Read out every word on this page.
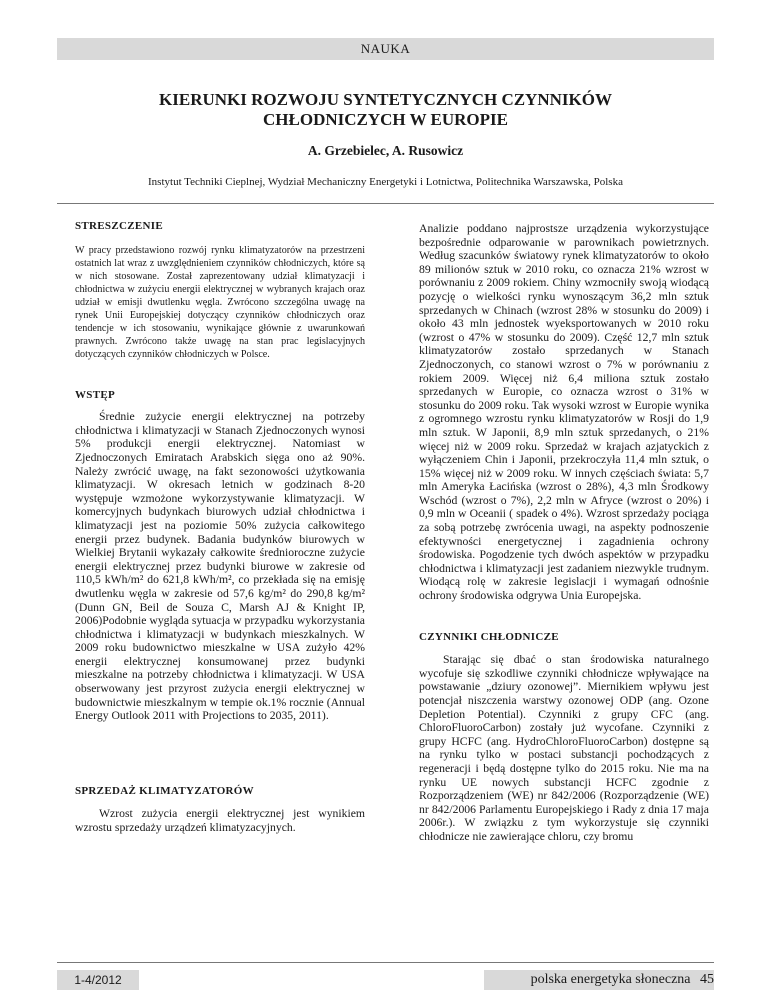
NAUKA
KIERUNKI ROZWOJU SYNTETYCZNYCH CZYNNIKÓW
CHŁODNICZYCH W EUROPIE
A. Grzebielec, A. Rusowicz
Instytut Techniki Cieplnej, Wydział Mechaniczny Energetyki i Lotnictwa, Politechnika Warszawska, Polska

STRESZCZENIE

W pracy przedstawiono rozwój rynku klimatyzatorów na przestrzeni ostatnich lat wraz z uwzględnieniem czynników chłodniczych, które są w nich stosowane. Został zaprezentowany udział klimatyzacji i chłodnictwa w zużyciu energii elektrycznej w wybranych krajach oraz udział w emisji dwutlenku węgla. Zwrócono szczególna uwagę na rynek Unii Europejskiej dotyczący czynników chłodniczych oraz tendencje w ich stosowaniu, wynikające głównie z uwarunkowań prawnych. Zwrócono także uwagę na stan prac legislacyjnych dotyczących czynników chłodniczych w Polsce.

WSTĘP

Średnie zużycie energii elektrycznej na potrzeby chłodnictwa i klimatyzacji w Stanach Zjednoczonych wynosi 5% produkcji energii elektrycznej. Natomiast w Zjednoczonych Emiratach Arabskich sięga ono aż 90%. Należy zwrócić uwagę, na fakt sezonowości użytkowania klimatyzacji. W okresach letnich w godzinach 8-20 występuje wzmożone wykorzystywanie klimatyzacji. W komercyjnych budynkach biurowych udział chłodnictwa i klimatyzacji jest na poziomie 50% zużycia całkowitego energii przez budynek. Badania budynków biurowych w Wielkiej Brytanii wykazały całkowite średnioroczne zużycie energii elektrycznej przez budynki biurowe w zakresie od 110,5 kWh/m² do 621,8 kWh/m², co przekłada się na emisję dwutlenku węgla w zakresie od 57,6 kg/m² do 290,8 kg/m² (Dunn GN, Beil de Souza C, Marsh AJ & Knight IP, 2006)Podobnie wygląda sytuacja w przypadku wykorzystania chłodnictwa i klimatyzacji w budynkach mieszkalnych. W 2009 roku budownictwo mieszkalne w USA zużyło 42% energii elektrycznej konsumowanej przez budynki mieszkalne na potrzeby chłodnictwa i klimatyzacji. W USA obserwowany jest przyrost zużycia energii elektrycznej w budownictwie mieszkalnym w tempie ok.1% rocznie (Annual Energy Outlook 2011 with Projections to 2035, 2011).

SPRZEDAŻ KLIMATYZATORÓW

Wzrost zużycia energii elektrycznej jest wynikiem wzrostu sprzedaży urządzeń klimatyzacyjnych.

Analizie poddano najprostsze urządzenia wykorzystujące bezpośrednie odparowanie w parownikach powietrznych. Według szacunków światowy rynek klimatyzatorów to około 89 milionów sztuk w 2010 roku, co oznacza 21% wzrost w porównaniu z 2009 rokiem. Chiny wzmocniły swoją wiodącą pozycję o wielkości rynku wynoszącym 36,2 mln sztuk sprzedanych w Chinach (wzrost 28% w stosunku do 2009) i około 43 mln jednostek wyeksportowanych w 2010 roku (wzrost o 47% w stosunku do 2009). Część 12,7 mln sztuk klimatyzatorów zostało sprzedanych w Stanach Zjednoczonych, co stanowi wzrost o 7% w porównaniu z rokiem 2009. Więcej niż 6,4 miliona sztuk zostało sprzedanych w Europie, co oznacza wzrost o 31% w stosunku do 2009 roku. Tak wysoki wzrost w Europie wynika z ogromnego wzrostu rynku klimatyzatorów w Rosji do 1,9 mln sztuk. W Japonii, 8,9 mln sztuk sprzedanych, o 21% więcej niż w 2009 roku. Sprzedaż w krajach azjatyckich z wyłączeniem Chin i Japonii, przekroczyła 11,4 mln sztuk, o 15% więcej niż w 2009 roku. W innych częściach świata: 5,7 mln Ameryka Łacińska (wzrost o 28%), 4,3 mln Środkowy Wschód (wzrost o 7%), 2,2 mln w Afryce (wzrost o 20%) i 0,9 mln w Oceanii ( spadek o 4%). Wzrost sprzedaży pociąga za sobą potrzebę zwrócenia uwagi, na aspekty podnoszenie efektywności energetycznej i zagadnienia ochrony środowiska. Pogodzenie tych dwóch aspektów w przypadku chłodnictwa i klimatyzacji jest zadaniem niezwykle trudnym. Wiodącą rolę w zakresie legislacji i wymagań odnośnie ochrony środowiska odgrywa Unia Europejska.

CZYNNIKI CHŁODNICZE

Starając się dbać o stan środowiska naturalnego wycofuje się szkodliwe czynniki chłodnicze wpływające na powstawanie „dziury ozonowej”. Miernikiem wpływu jest potencjał niszczenia warstwy ozonowej ODP (ang. Ozone Depletion Potential). Czynniki z grupy CFC (ang. ChloroFluoroCarbon) zostały już wycofane. Czynniki z grupy HCFC (ang. HydroChloroFluoroCarbon) dostępne są na rynku tylko w postaci substancji pochodzących z regeneracji i będą dostępne tylko do 2015 roku. Nie ma na rynku UE nowych substancji HCFC zgodnie z Rozporządzeniem (WE) nr 842/2006 (Rozporządzenie (WE) nr 842/2006 Parlamentu Europejskiego i Rady z dnia 17 maja 2006r.). W związku z tym wykorzystuje się czynniki chłodnicze nie zawierające chloru, czy bromu

1-4/2012	polska energetyka słoneczna 45
